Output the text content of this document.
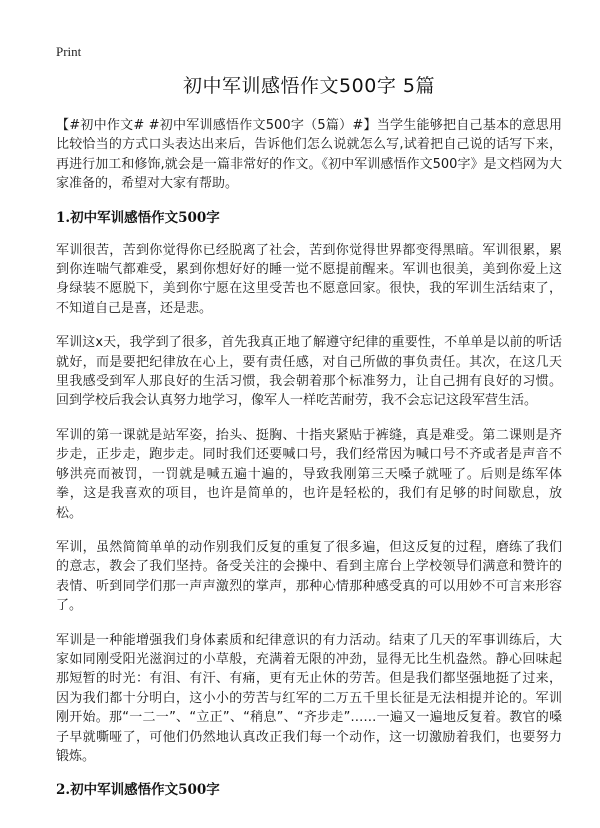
Print
初中军训感悟作文500字 5篇

【#初中作文# #初中军训感悟作文500字（5篇）#】当学生能够把自己基本的意思用比较恰当的方式口头表达出来后，告诉他们怎么说就怎么写,试着把自己说的话写下来，再进行加工和修饰,就会是一篇非常好的作文。《初中军训感悟作文500字》是文档网为大家准备的，希望对大家有帮助。

1.初中军训感悟作文500字

军训很苦，苦到你觉得你已经脱离了社会，苦到你觉得世界都变得黑暗。军训很累，累到你连喘气都难受，累到你想好好的睡一觉不愿提前醒来。军训也很美，美到你爱上这身绿装不愿脱下，美到你宁愿在这里受苦也不愿意回家。很快，我的军训生活结束了，不知道自己是喜，还是悲。

军训这x天，我学到了很多，首先我真正地了解遵守纪律的重要性，不单单是以前的听话就好，而是要把纪律放在心上，要有责任感，对自己所做的事负责任。其次，在这几天里我感受到军人那良好的生活习惯，我会朝着那个标准努力，让自己拥有良好的习惯。回到学校后我会认真努力地学习，像军人一样吃苦耐劳，我不会忘记这段军营生活。

军训的第一课就是站军姿，抬头、挺胸、十指夹紧贴于裤缝，真是难受。第二课则是齐步走，正步走，跑步走。同时我们还要喊口号，我们经常因为喊口号不齐或者是声音不够洪亮而被罚，一罚就是喊五遍十遍的，导致我刚第三天嗓子就哑了。后则是练军体拳，这是我喜欢的项目，也许是简单的，也许是轻松的，我们有足够的时间歇息，放松。

军训，虽然简简单单的动作别我们反复的重复了很多遍，但这反复的过程，磨练了我们的意志，教会了我们坚持。备受关注的会操中、看到主席台上学校领导们满意和赞许的表情、听到同学们那一声声激烈的掌声，那种心情那种感受真的可以用妙不可言来形容了。

军训是一种能增强我们身体素质和纪律意识的有力活动。结束了几天的军事训练后，大家如同刚受阳光滋润过的小草般，充满着无限的冲劲，显得无比生机盎然。静心回味起那短暂的时光：有泪、有汗、有痛，更有无止休的劳苦。但是我们都坚强地挺了过来，因为我们都十分明白，这小小的劳苦与红军的二万五千里长征是无法相提并论的。军训刚开始。那“一二一”、“立正”、“稍息”、“齐步走”……一遍又一遍地反复着。教官的嗓子早就嘶哑了，可他们仍然地认真改正我们每一个动作，这一切激励着我们，也要努力锻炼。

2.初中军训感悟作文500字
